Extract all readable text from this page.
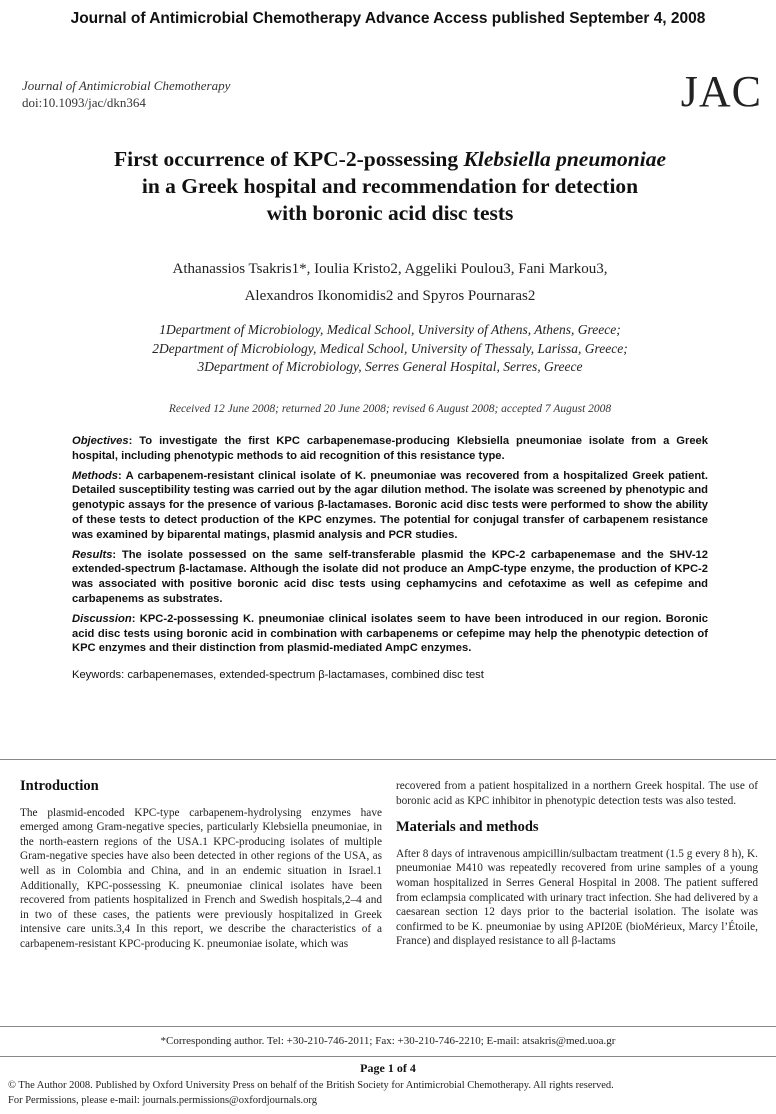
Journal of Antimicrobial Chemotherapy Advance Access published September 4, 2008
Journal of Antimicrobial Chemotherapy
doi:10.1093/jac/dkn364	JAC
First occurrence of KPC-2-possessing Klebsiella pneumoniae
in a Greek hospital and recommendation for detection
with boronic acid disc tests
Athanassios Tsakris1*, Ioulia Kristo2, Aggeliki Poulou3, Fani Markou3,
Alexandros Ikonomidis2 and Spyros Pournaras2
1Department of Microbiology, Medical School, University of Athens, Athens, Greece;
2Department of Microbiology, Medical School, University of Thessaly, Larissa, Greece;
3Department of Microbiology, Serres General Hospital, Serres, Greece
Received 12 June 2008; returned 20 June 2008; revised 6 August 2008; accepted 7 August 2008

Objectives: To investigate the first KPC carbapenemase-producing Klebsiella pneumoniae isolate from a Greek hospital, including phenotypic methods to aid recognition of this resistance type.

Methods: A carbapenem-resistant clinical isolate of K. pneumoniae was recovered from a hospitalized Greek patient. Detailed susceptibility testing was carried out by the agar dilution method. The isolate was screened by phenotypic and genotypic assays for the presence of various β-lactamases. Boronic acid disc tests were performed to show the ability of these tests to detect production of the KPC enzymes. The potential for conjugal transfer of carbapenem resistance was examined by biparental matings, plasmid analysis and PCR studies.

Results: The isolate possessed on the same self-transferable plasmid the KPC-2 carbapenemase and the SHV-12 extended-spectrum β-lactamase. Although the isolate did not produce an AmpC-type enzyme, the production of KPC-2 was associated with positive boronic acid disc tests using cephamycins and cefotaxime as well as cefepime and carbapenems as substrates.

Discussion: KPC-2-possessing K. pneumoniae clinical isolates seem to have been introduced in our region. Boronic acid disc tests using boronic acid in combination with carbapenems or cefepime may help the phenotypic detection of KPC enzymes and their distinction from plasmid-mediated AmpC enzymes.

Keywords: carbapenemases, extended-spectrum β-lactamases, combined disc test

Introduction

The plasmid-encoded KPC-type carbapenem-hydrolysing enzymes have emerged among Gram-negative species, particularly Klebsiella pneumoniae, in the north-eastern regions of the USA.1 KPC-producing isolates of multiple Gram-negative species have also been detected in other regions of the USA, as well as in Colombia and China, and in an endemic situation in Israel.1 Additionally, KPC-possessing K. pneumoniae clinical isolates have been recovered from patients hospitalized in French and Swedish hospitals,2–4 and in two of these cases, the patients were previously hospitalized in Greek intensive care units.3,4 In this report, we describe the characteristics of a carbapenem-resistant KPC-producing K. pneumoniae isolate, which was

recovered from a patient hospitalized in a northern Greek hospital. The use of boronic acid as KPC inhibitor in phenotypic detection tests was also tested.

Materials and methods

After 8 days of intravenous ampicillin/sulbactam treatment (1.5 g every 8 h), K. pneumoniae M410 was repeatedly recovered from urine samples of a young woman hospitalized in Serres General Hospital in 2008. The patient suffered from eclampsia complicated with urinary tract infection. She had delivered by a caesarean section 12 days prior to the bacterial isolation. The isolate was confirmed to be K. pneumoniae by using API20E (bioMérieux, Marcy l’Étoile, France) and displayed resistance to all β-lactams

*Corresponding author. Tel: +30-210-746-2011; Fax: +30-210-746-2210; E-mail: atsakris@med.uoa.gr
Page 1 of 4
© The Author 2008. Published by Oxford University Press on behalf of the British Society for Antimicrobial Chemotherapy. All rights reserved.
For Permissions, please e-mail: journals.permissions@oxfordjournals.org
